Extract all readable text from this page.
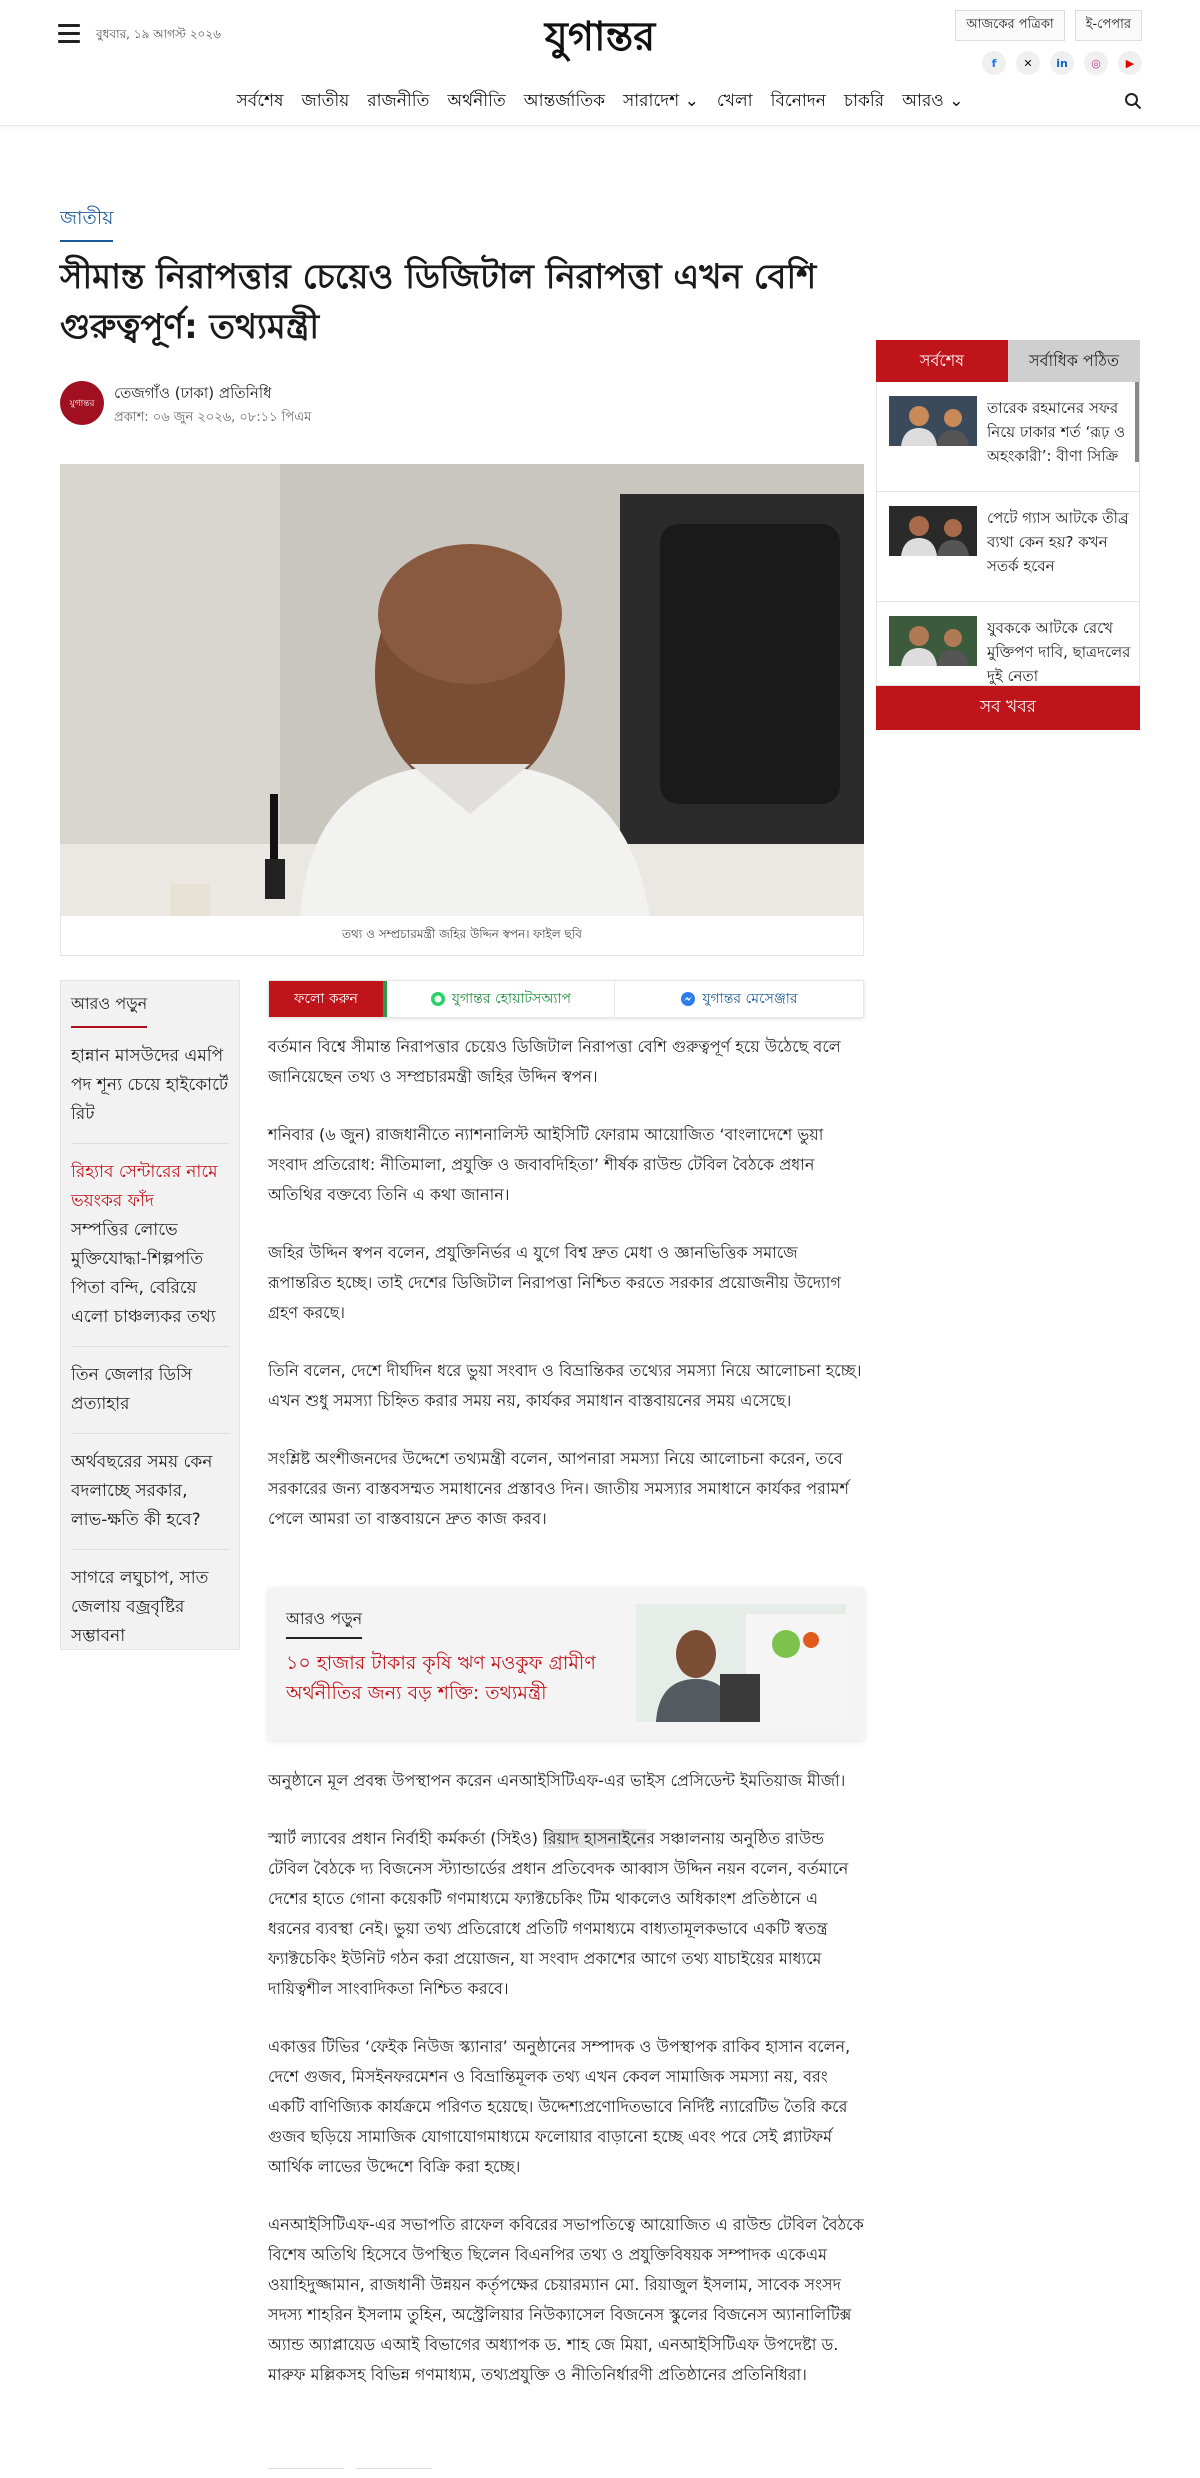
বুধবার, ১৯ আগস্ট ২০২৬	যুগান্তর	আজকের পত্রিকা	ই-পেপার
f	✕	in	◎	▶
সর্বশেষ জাতীয় রাজনীতি অর্থনীতি আন্তর্জাতিক সারাদেশ ⌄ খেলা বিনোদন চাকরি আরও ⌄
জাতীয়
সীমান্ত নিরাপত্তার চেয়েও ডিজিটাল নিরাপত্তা এখন বেশি গুরুত্বপূর্ণ: তথ্যমন্ত্রী
যুগান্তর
তেজগাঁও (ঢাকা) প্রতিনিধি
প্রকাশ: ০৬ জুন ২০২৬, ০৮:১১ পিএম
তথ্য ও সম্প্রচারমন্ত্রী জহির উদ্দিন স্বপন। ফাইল ছবি
আরও পড়ুন
হান্নান মাসউদের এমপি পদ শূন্য চেয়ে হাইকোর্টে রিট
রিহ্যাব সেন্টারের নামে ভয়ংকর ফাঁদ
সম্পত্তির লোভে মুক্তিযোদ্ধা-শিল্পপতি পিতা বন্দি, বেরিয়ে এলো চাঞ্চল্যকর তথ্য
তিন জেলার ডিসি প্রত্যাহার
অর্থবছরের সময় কেন বদলাচ্ছে সরকার, লাভ-ক্ষতি কী হবে?
সাগরে লঘুচাপ, সাত জেলায় বজ্রবৃষ্টির সম্ভাবনা
ফলো করুন	যুগান্তর হোয়াটসঅ্যাপ	যুগান্তর মেসেঞ্জার

বর্তমান বিশ্বে সীমান্ত নিরাপত্তার চেয়েও ডিজিটাল নিরাপত্তা বেশি গুরুত্বপূর্ণ হয়ে উঠেছে বলে জানিয়েছেন তথ্য ও সম্প্রচারমন্ত্রী জহির উদ্দিন স্বপন।

শনিবার (৬ জুন) রাজধানীতে ন্যাশনালিস্ট আইসিটি ফোরাম আয়োজিত ‘বাংলাদেশে ভুয়া সংবাদ প্রতিরোধ: নীতিমালা, প্রযুক্তি ও জবাবদিহিতা’ শীর্ষক রাউন্ড টেবিল বৈঠকে প্রধান অতিথির বক্তব্যে তিনি এ কথা জানান।

জহির উদ্দিন স্বপন বলেন, প্রযুক্তিনির্ভর এ যুগে বিশ্ব দ্রুত মেধা ও জ্ঞানভিত্তিক সমাজে রূপান্তরিত হচ্ছে। তাই দেশের ডিজিটাল নিরাপত্তা নিশ্চিত করতে সরকার প্রয়োজনীয় উদ্যোগ গ্রহণ করছে।

তিনি বলেন, দেশে দীর্ঘদিন ধরে ভুয়া সংবাদ ও বিভ্রান্তিকর তথ্যের সমস্যা নিয়ে আলোচনা হচ্ছে। এখন শুধু সমস্যা চিহ্নিত করার সময় নয়, কার্যকর সমাধান বাস্তবায়নের সময় এসেছে।

সংশ্লিষ্ট অংশীজনদের উদ্দেশে তথ্যমন্ত্রী বলেন, আপনারা সমস্যা নিয়ে আলোচনা করেন, তবে সরকারের জন্য বাস্তবসম্মত সমাধানের প্রস্তাবও দিন। জাতীয় সমস্যার সমাধানে কার্যকর পরামর্শ পেলে আমরা তা বাস্তবায়নে দ্রুত কাজ করব।

আরও পড়ুন
১০ হাজার টাকার কৃষি ঋণ মওকুফ গ্রামীণ অর্থনীতির জন্য বড় শক্তি: তথ্যমন্ত্রী

অনুষ্ঠানে মূল প্রবন্ধ উপস্থাপন করেন এনআইসিটিএফ-এর ভাইস প্রেসিডেন্ট ইমতিয়াজ মীর্জা।

স্মার্ট ল্যাবের প্রধান নির্বাহী কর্মকর্তা (সিইও) রিয়াদ হাসনাইনের সঞ্চালনায় অনুষ্ঠিত রাউন্ড টেবিল বৈঠকে দ্য বিজনেস স্ট্যান্ডার্ডের প্রধান প্রতিবেদক আব্বাস উদ্দিন নয়ন বলেন, বর্তমানে দেশের হাতে গোনা কয়েকটি গণমাধ্যমে ফ্যাক্টচেকিং টিম থাকলেও অধিকাংশ প্রতিষ্ঠানে এ ধরনের ব্যবস্থা নেই। ভুয়া তথ্য প্রতিরোধে প্রতিটি গণমাধ্যমে বাধ্যতামূলকভাবে একটি স্বতন্ত্র ফ্যাক্টচেকিং ইউনিট গঠন করা প্রয়োজন, যা সংবাদ প্রকাশের আগে তথ্য যাচাইয়ের মাধ্যমে দায়িত্বশীল সাংবাদিকতা নিশ্চিত করবে।

একাত্তর টিভির ‘ফেইক নিউজ স্ক্যানার’ অনুষ্ঠানের সম্পাদক ও উপস্থাপক রাকিব হাসান বলেন, দেশে গুজব, মিসইনফরমেশন ও বিভ্রান্তিমূলক তথ্য এখন কেবল সামাজিক সমস্যা নয়, বরং একটি বাণিজ্যিক কার্যক্রমে পরিণত হয়েছে। উদ্দেশ্যপ্রণোদিতভাবে নির্দিষ্ট ন্যারেটিভ তৈরি করে গুজব ছড়িয়ে সামাজিক যোগাযোগমাধ্যমে ফলোয়ার বাড়ানো হচ্ছে এবং পরে সেই প্ল্যাটফর্ম আর্থিক লাভের উদ্দেশে বিক্রি করা হচ্ছে।

এনআইসিটিএফ-এর সভাপতি রাফেল কবিরের সভাপতিত্বে আয়োজিত এ রাউন্ড টেবিল বৈঠকে বিশেষ অতিথি হিসেবে উপস্থিত ছিলেন বিএনপির তথ্য ও প্রযুক্তিবিষয়ক সম্পাদক একেএম ওয়াহিদুজ্জামান, রাজধানী উন্নয়ন কর্তৃপক্ষের চেয়ারম্যান মো. রিয়াজুল ইসলাম, সাবেক সংসদ সদস্য শাহরিন ইসলাম তুহিন, অস্ট্রেলিয়ার নিউক্যাসেল বিজনেস স্কুলের বিজনেস অ্যানালিটিক্স অ্যান্ড অ্যাপ্লায়েড এআই বিভাগের অধ্যাপক ড. শাহ জে মিয়া, এনআইসিটিএফ উপদেষ্টা ড. মারুফ মল্লিকসহ বিভিন্ন গণমাধ্যম, তথ্যপ্রযুক্তি ও নীতিনির্ধারণী প্রতিষ্ঠানের প্রতিনিধিরা।

সর্বশেষ	সর্বাধিক পঠিত
তারেক রহমানের সফর নিয়ে ঢাকার শর্ত ‘রূঢ় ও অহংকারী’: বীণা সিক্রি
পেটে গ্যাস আটকে তীব্র ব্যথা কেন হয়? কখন সতর্ক হবেন
যুবককে আটকে রেখে মুক্তিপণ দাবি, ছাত্রদলের দুই নেতা
সব খবর
